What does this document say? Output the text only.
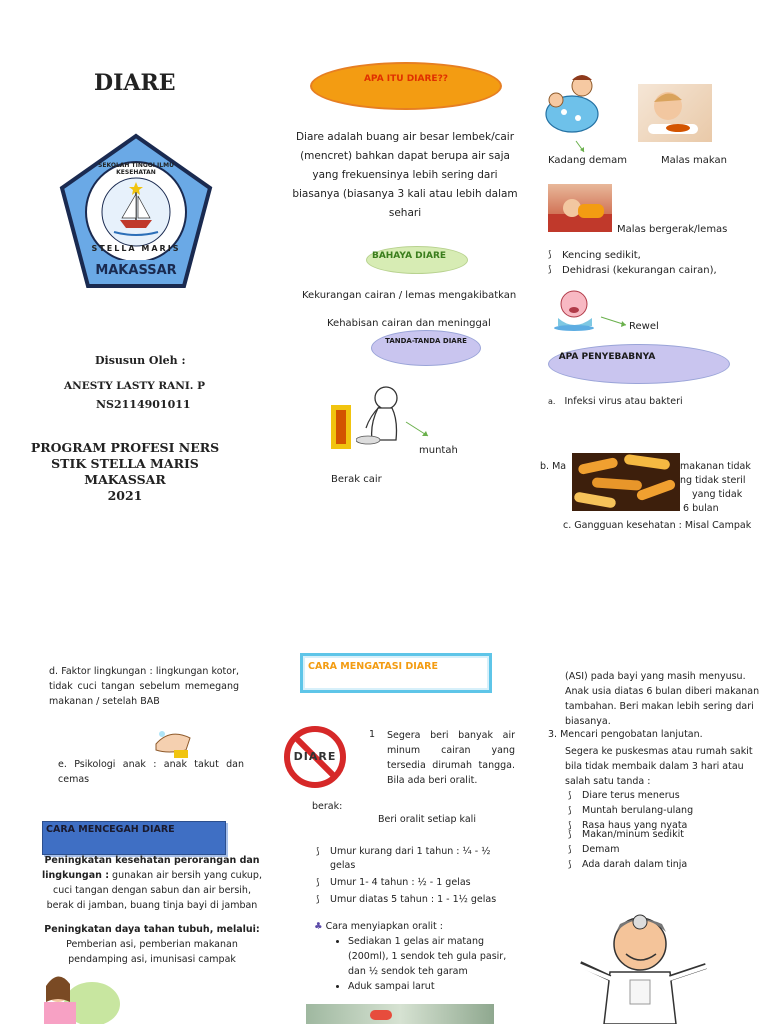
DIARE
SEKOLAH TINGGI ILMU KESEHATAN
STELLA MARIS
MAKASSAR
Disusun Oleh :
ANESTY LASTY RANI. P
NS2114901011
PROGRAM PROFESI NERS
STIK STELLA MARIS
MAKASSAR
2021
APA ITU DIARE??
Diare adalah buang air besar lembek/cair (mencret) bahkan dapat berupa air saja yang frekuensinya lebih sering dari biasanya (biasanya 3 kali atau lebih dalam sehari
BAHAYA DIARE
Kekurangan cairan / lemas mengakibatkan
Kehabisan cairan dan meninggal
TANDA-TANDA DIARE
muntah
Berak cair
Kadang demam	Malas makan
Malas bergerak/lemas
⟆ Kencing sedikit,
⟆ Dehidrasi (kekurangan cairan),
Rewel
APA PENYEBABNYA
a. Infeksi virus atau bakteri
b. Ma	makanan tidak
ng tidak steril
yang tidak
6 bulan
c. Gangguan kesehatan : Misal Campak
d. Faktor lingkungan : lingkungan kotor, tidak cuci tangan sebelum memegang makanan / setelah BAB
e. Psikologi anak : anak takut dan cemas
CARA MENCEGAH DIARE
Peningkatan kesehatan perorangan dan lingkungan : gunakan air bersih yang cukup, cuci tangan dengan sabun dan air bersih, berak di jamban, buang tinja bayi di jamban
Peningkatan daya tahan tubuh, melalui: Pemberian asi, pemberian makanan pendamping asi, imunisasi campak
CARA MENGATASI DIARE
DIARE
1 Segera beri banyak air minum cairan yang tersedia dirumah tangga. Bila ada beri oralit.
berak:
Beri oralit setiap kali
⟆ Umur kurang dari 1 tahun : ¼ - ½ gelas
⟆ Umur 1- 4 tahun : ½ - 1 gelas
⟆ Umur diatas 5 tahun : 1 - 1½ gelas
♣ Cara menyiapkan oralit :
• Sediakan 1 gelas air matang (200ml), 1 sendok teh gula pasir, dan ½ sendok teh garam
• Aduk sampai larut
(ASI) pada bayi yang masih menyusu. Anak usia diatas 6 bulan diberi makanan tambahan. Beri makan lebih sering dari biasanya.
3. Mencari pengobatan lanjutan.
Segera ke puskesmas atau rumah sakit bila tidak membaik dalam 3 hari atau salah satu tanda :
⟆ Diare terus menerus
⟆ Muntah berulang-ulang
⟆ Rasa haus yang nyata
⟆ Makan/minum sedikit
⟆ Demam
⟆ Ada darah dalam tinja
